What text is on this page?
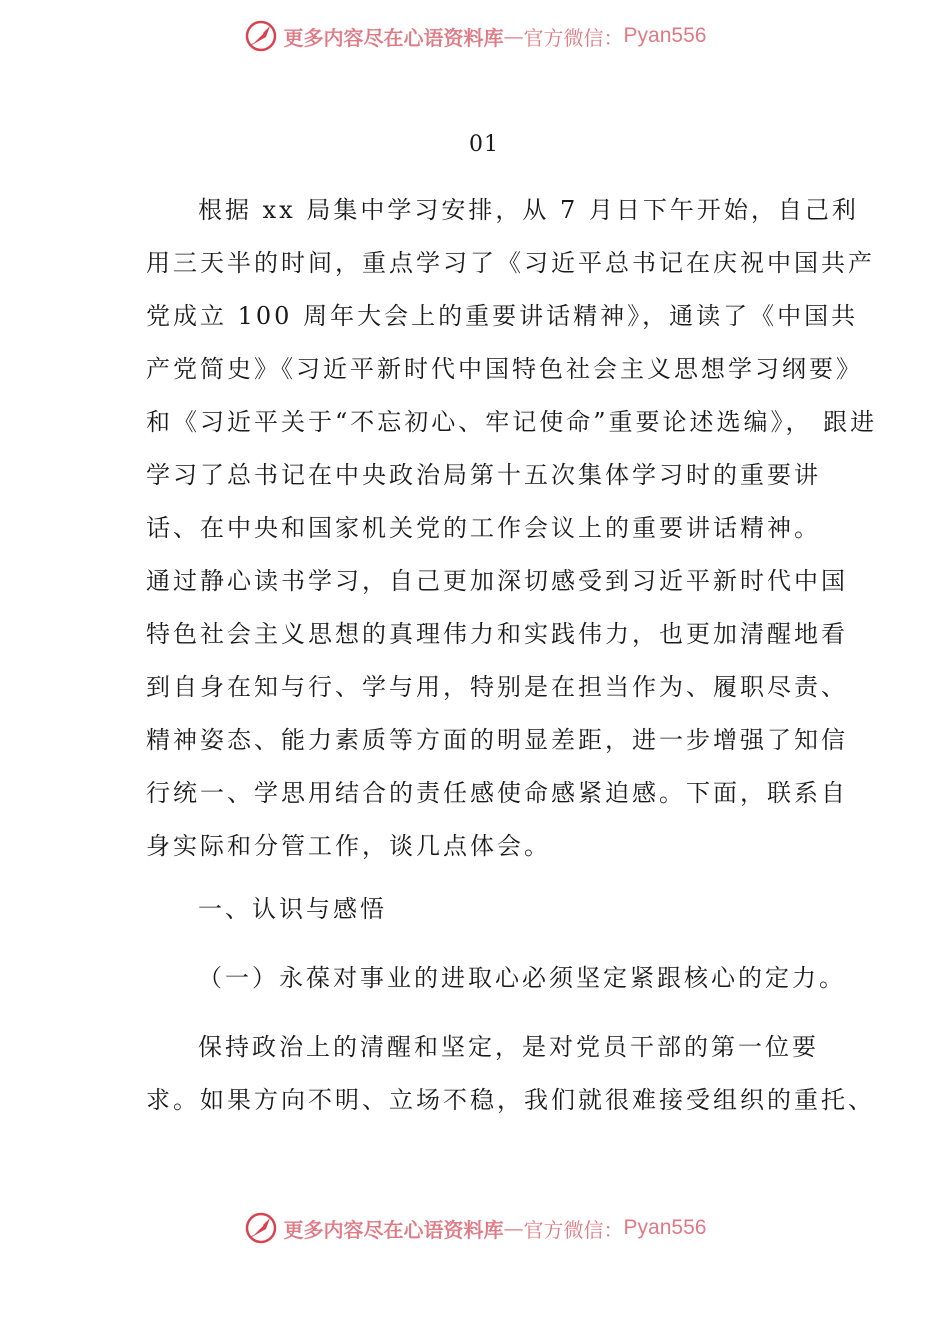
更多内容尽在心语资料库 — 官方微信： Pyan556
01
根据 xx 局集中学习安排，从 7 月日下午开始，自己利
用三天半的时间，重点学习了《习近平总书记在庆祝中国共产
党成立 100 周年大会上的重要讲话精神》，通读了《中国共
产党简史》《习近平新时代中国特色社会主义思想学习纲要》
和《习近平关于“不忘初心、牢记使命”重要论述选编》， 跟进
学习了总书记在中央政治局第十五次集体学习时的重要讲
话、在中央和国家机关党的工作会议上的重要讲话精神。
通过静心读书学习，自己更加深切感受到习近平新时代中国
特色社会主义思想的真理伟力和实践伟力，也更加清醒地看
到自身在知与行、学与用，特别是在担当作为、履职尽责、
精神姿态、能力素质等方面的明显差距，进一步增强了知信
行统一、学思用结合的责任感使命感紧迫感。下面，联系自
身实际和分管工作，谈几点体会。
一、认识与感悟
（一）永葆对事业的进取心必须坚定紧跟核心的定力。
保持政治上的清醒和坚定，是对党员干部的第一位要
求。如果方向不明、立场不稳，我们就很难接受组织的重托、
更多内容尽在心语资料库 — 官方微信： Pyan556
